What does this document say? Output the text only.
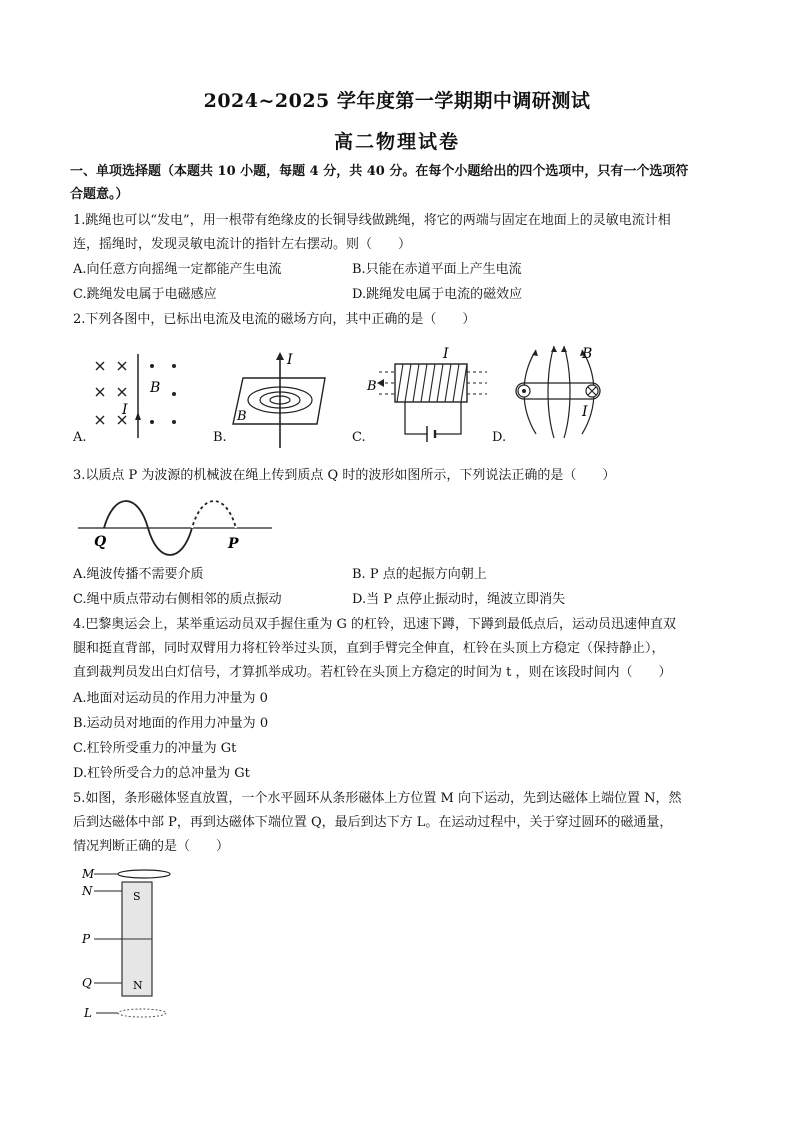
2024~2025 学年度第一学期期中调研测试
高二物理试卷
一、单项选择题（本题共 10 小题，每题 4 分，共 40 分。在每个小题给出的四个选项中，只有一个选项符
合题意。）
1.跳绳也可以“发电”，用一根带有绝缘皮的长铜导线做跳绳，将它的两端与固定在地面上的灵敏电流计相
连，摇绳时，发现灵敏电流计的指针左右摆动。则（　　）
A.向任意方向摇绳一定都能产生电流	B.只能在赤道平面上产生电流
C.跳绳发电属于电磁感应	D.跳绳发电属于电流的磁效应
2.下列各图中，已标出电流及电流的磁场方向，其中正确的是（　　）
B
I
A.
I
B
B.
B
I
C.
B
I
D.
3.以质点 P 为波源的机械波在绳上传到质点 Q 时的波形如图所示，下列说法正确的是（　　）
Q	P
A.绳波传播不需要介质	B. P 点的起振方向朝上
C.绳中质点带动右侧相邻的质点振动	D.当 P 点停止振动时，绳波立即消失
4.巴黎奥运会上，某举重运动员双手握住重为 G 的杠铃，迅速下蹲，下蹲到最低点后，运动员迅速伸直双
腿和挺直背部，同时双臂用力将杠铃举过头顶，直到手臂完全伸直，杠铃在头顶上方稳定（保持静止），
直到裁判员发出白灯信号，才算抓举成功。若杠铃在头顶上方稳定的时间为 t ，则在该段时间内（　　）
A.地面对运动员的作用力冲量为 0
B.运动员对地面的作用力冲量为 0
C.杠铃所受重力的冲量为 Gt
D.杠铃所受合力的总冲量为 Gt
5.如图，条形磁体竖直放置，一个水平圆环从条形磁体上方位置 M 向下运动，先到达磁体上端位置 N，然
后到达磁体中部 P，再到达磁体下端位置 Q，最后到达下方 L。在运动过程中，关于穿过圆环的磁通量，
情况判断正确的是（　　）
M
N
P
Q
L
S
N
